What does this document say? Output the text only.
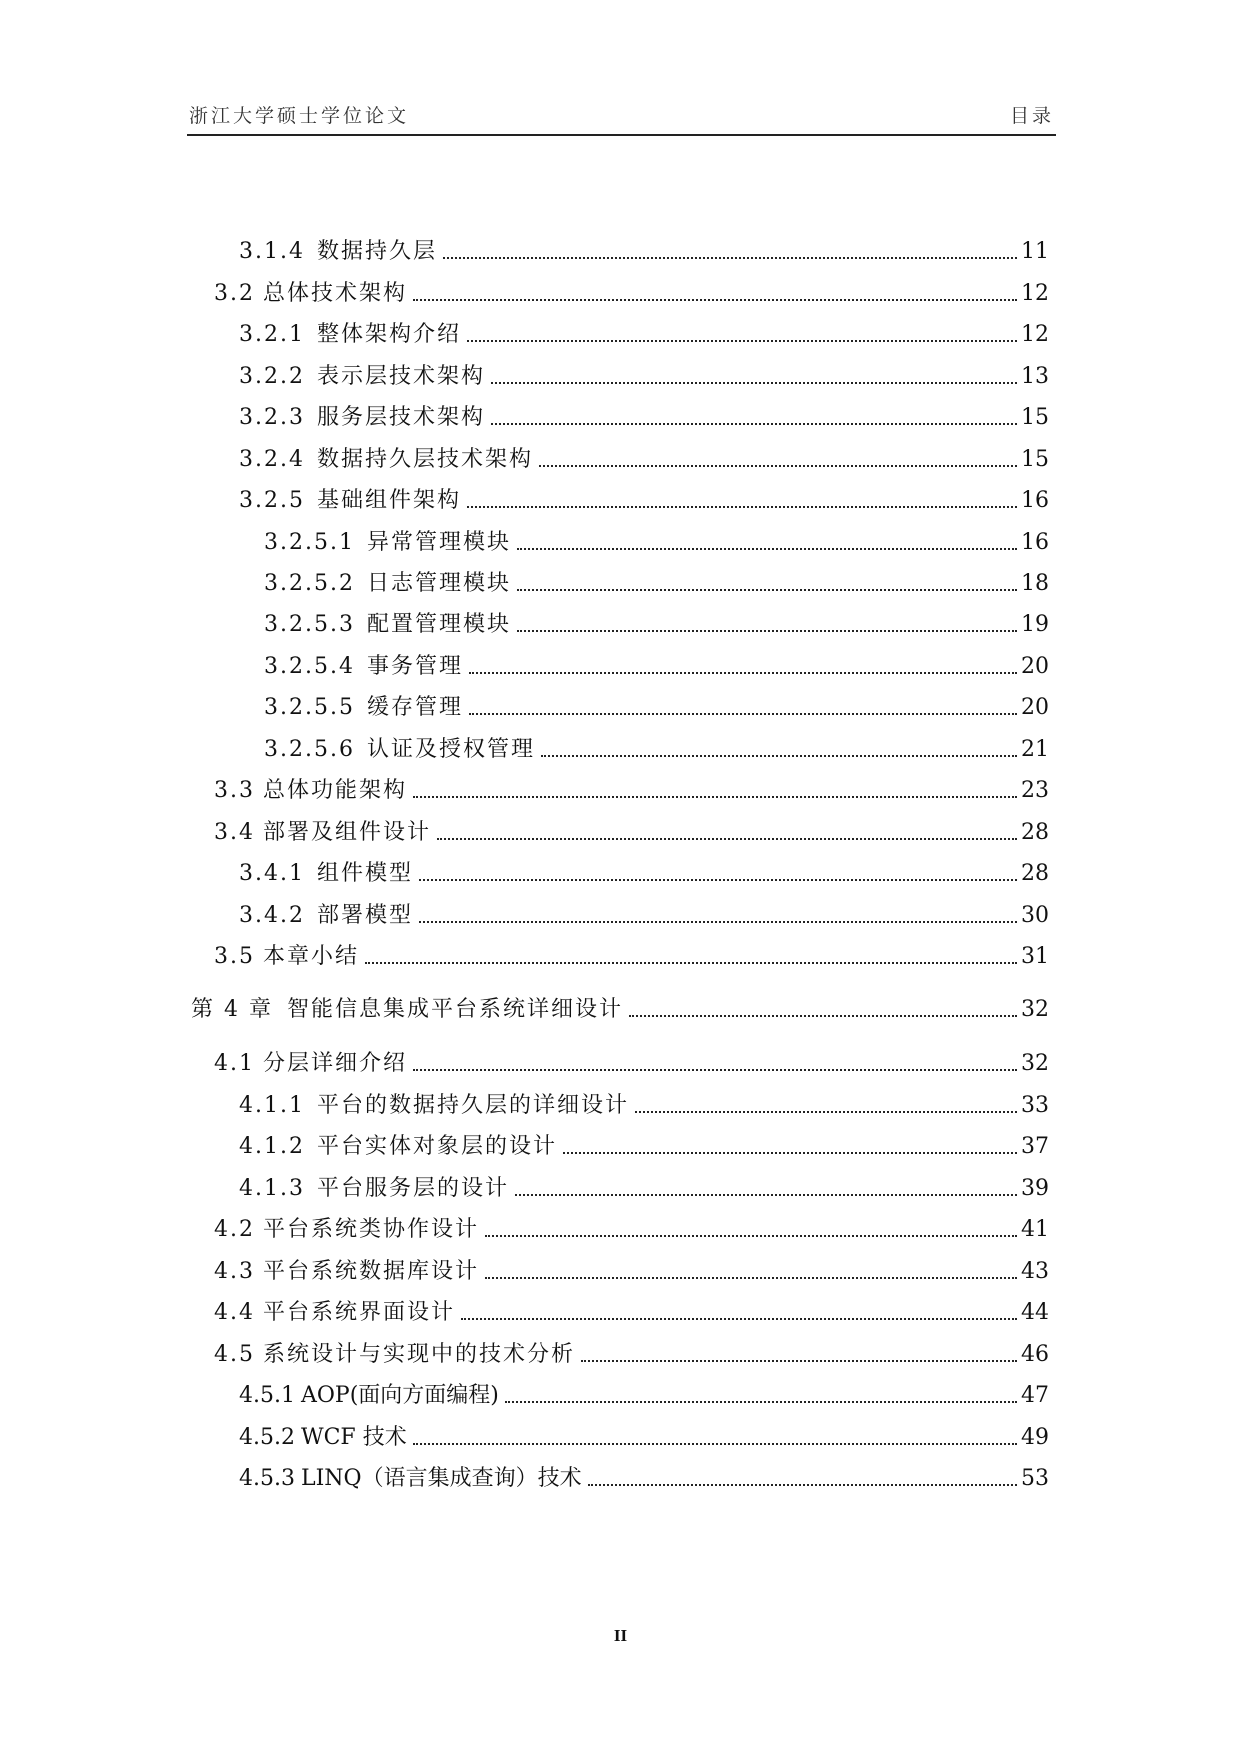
浙江大学硕士学位论文	目录
3.1.4 数据持久层	11
3.2 总体技术架构	12
3.2.1 整体架构介绍	12
3.2.2 表示层技术架构	13
3.2.3 服务层技术架构	15
3.2.4 数据持久层技术架构	15
3.2.5 基础组件架构	16
3.2.5.1 异常管理模块	16
3.2.5.2 日志管理模块	18
3.2.5.3 配置管理模块	19
3.2.5.4 事务管理	20
3.2.5.5 缓存管理	20
3.2.5.6 认证及授权管理	21
3.3 总体功能架构	23
3.4 部署及组件设计	28
3.4.1 组件模型	28
3.4.2 部署模型	30
3.5 本章小结	31
第 4 章 智能信息集成平台系统详细设计	32
4.1 分层详细介绍	32
4.1.1 平台的数据持久层的详细设计	33
4.1.2 平台实体对象层的设计	37
4.1.3 平台服务层的设计	39
4.2 平台系统类协作设计	41
4.3 平台系统数据库设计	43
4.4 平台系统界面设计	44
4.5 系统设计与实现中的技术分析	46
4.5.1 AOP(面向方面编程)	47
4.5.2 WCF 技术	49
4.5.3 LINQ（语言集成查询）技术	53
II
